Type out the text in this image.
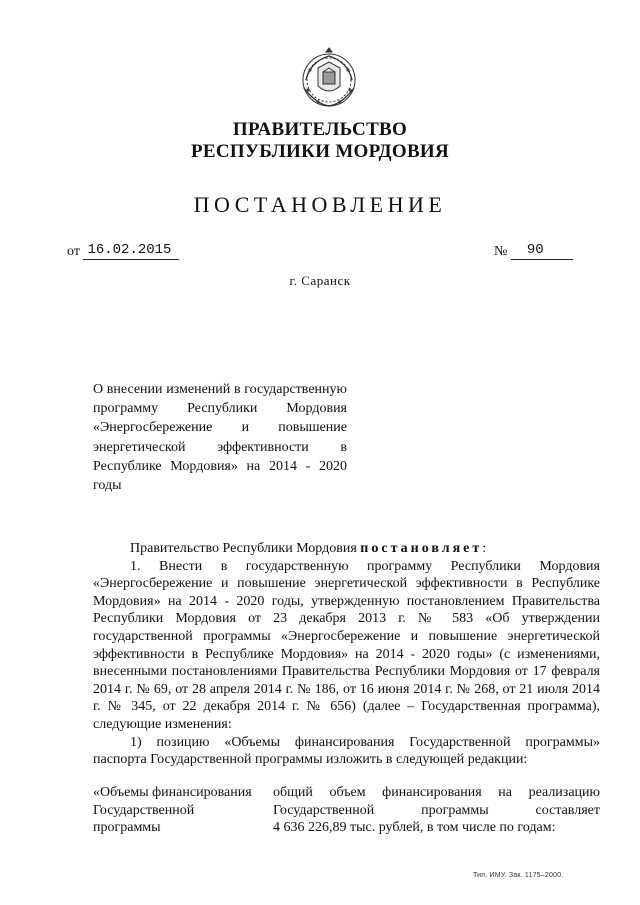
ПРАВИТЕЛЬСТВО
РЕСПУБЛИКИ МОРДОВИЯ
ПОСТАНОВЛЕНИЕ
от 16.02.2015	№ 90
г. Саранск
О внесении изменений в государственную программу Республики Мордовия «Энергосбережение и повышение энергетической эффективности в Республике Мордовия» на 2014 - 2020 годы

Правительство Республики Мордовия постановляет:

1. Внести в государственную программу Республики Мордовия «Энергосбережение и повышение энергетической эффективности в Республике Мордовия» на 2014 - 2020 годы, утвержденную постановлением Правительства Республики Мордовия от 23 декабря 2013 г. № 583 «Об утверждении государственной программы «Энергосбережение и повышение энергетической эффективности в Республике Мордовия» на 2014 - 2020 годы» (с изменениями, внесенными постановлениями Правительства Республики Мордовия от 17 февраля 2014 г. № 69, от 28 апреля 2014 г. № 186, от 16 июня 2014 г. № 268, от 21 июля 2014 г. № 345, от 22 декабря 2014 г. № 656) (далее – Государственная программа), следующие изменения:

1) позицию «Объемы финансирования Государственной программы» паспорта Государственной программы изложить в следующей редакции:

«Объемы финансирования	общий объем финансирования на реализацию
Государственной	Государственной программы составляет
программы	4 636 226,89 тыс. рублей, в том числе по годам:
Тип. ИМУ. Зак. 1175–2000.
